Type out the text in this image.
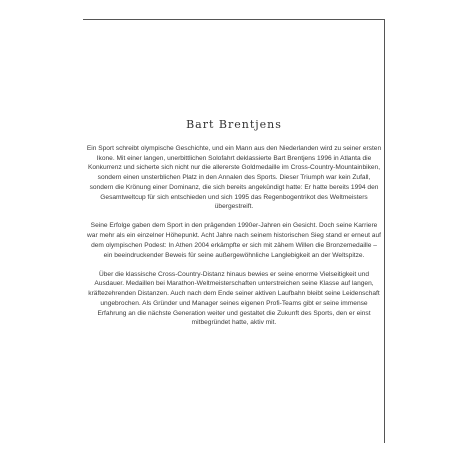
Bart Brentjens

Ein Sport schreibt olympische Geschichte, und ein Mann aus den Niederlanden wird zu seiner ersten Ikone. Mit einer langen, unerbittlichen Solofahrt deklassierte Bart Brentjens 1996 in Atlanta die Konkurrenz und sicherte sich nicht nur die allererste Goldmedaille im Cross-Country-Mountainbiken, sondern einen unsterblichen Platz in den Annalen des Sports. Dieser Triumph war kein Zufall, sondern die Krönung einer Dominanz, die sich bereits angekündigt hatte: Er hatte bereits 1994 den Gesamtweltcup für sich entschieden und sich 1995 das Regenbogentrikot des Weltmeisters übergestreift.

Seine Erfolge gaben dem Sport in den prägenden 1990er-Jahren ein Gesicht. Doch seine Karriere war mehr als ein einzelner Höhepunkt. Acht Jahre nach seinem historischen Sieg stand er erneut auf dem olympischen Podest: In Athen 2004 erkämpfte er sich mit zähem Willen die Bronzemedaille – ein beeindruckender Beweis für seine außergewöhnliche Langlebigkeit an der Weltspitze.

Über die klassische Cross-Country-Distanz hinaus bewies er seine enorme Vielseitigkeit und Ausdauer. Medaillen bei Marathon-Weltmeisterschaften unterstreichen seine Klasse auf langen, kräftezehrenden Distanzen. Auch nach dem Ende seiner aktiven Laufbahn bleibt seine Leidenschaft ungebrochen. Als Gründer und Manager seines eigenen Profi-Teams gibt er seine immense Erfahrung an die nächste Generation weiter und gestaltet die Zukunft des Sports, den er einst mitbegründet hatte, aktiv mit.
